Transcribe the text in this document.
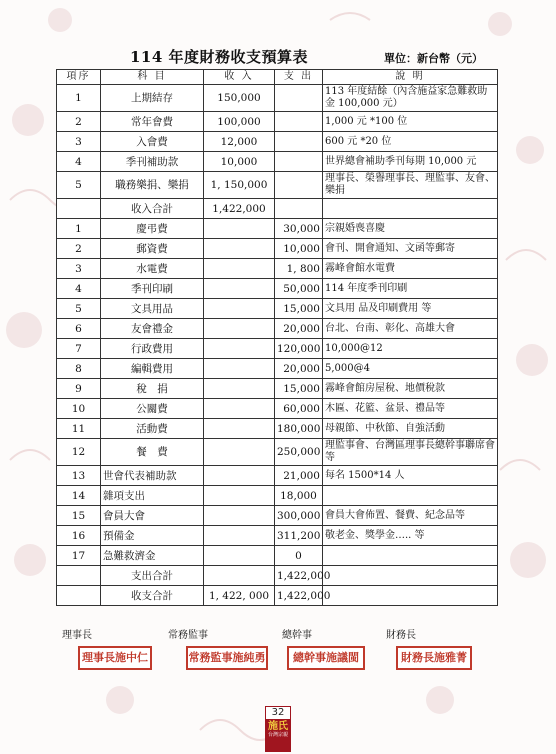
114 年度財務收支預算表	單位：新台幣（元）
項序	科 目	收 入	支 出	說 明
1	上期結存	150,000		113 年度結餘（內含施益家急難救助金 100,000 元）
2	常年會費	100,000		1,000 元 *100 位
3	入會費	12,000		600 元 *20 位
4	季刊補助款	10,000		世界總會補助季刊每期 10,000 元
5	職務樂捐、樂捐	1, 150,000		理事長、榮譽理事長、理監事、友會、樂捐
	收入合計	1,422,000		
1	慶弔費		30,000	宗親婚喪喜慶
2	郵資費		10,000	會刊、開會通知、文函等郵寄
3	水電費		1, 800	霧峰會館水電費
4	季刊印刷		50,000	114 年度季刊印刷
5	文具用品		15,000	文具用 品及印刷費用 等
6	友會禮金		20,000	台北、台南、彰化、高雄大會
7	行政費用		120,000	10,000@12
8	編輯費用		20,000	5,000@4
9	稅　捐		15,000	霧峰會館房屋稅、地價稅款
10	公關費		60,000	木匾、花籃、盆景、禮品等
11	活動費		180,000	母親節、中秋節、自強活動
12	餐　費		250,000	理監事會、台灣區理事長總幹事聯席會等
13	世會代表補助款		21,000	每名 1500*14 人
14	雜項支出		18,000	
15	會員大會		300,000	會員大會佈置、餐費、紀念品等
16	預備金		311,200	敬老金、獎學金….. 等
17	急難救濟金		0	
	支出合計		1,422,000	
	收支合計	1, 422, 000	1,422,000	
理事長	常務監事	總幹事	財務長
理事長施中仁	常務監事施純勇	總幹事施議閩	財務長施雅菁
32
施氏
台灣宗親
